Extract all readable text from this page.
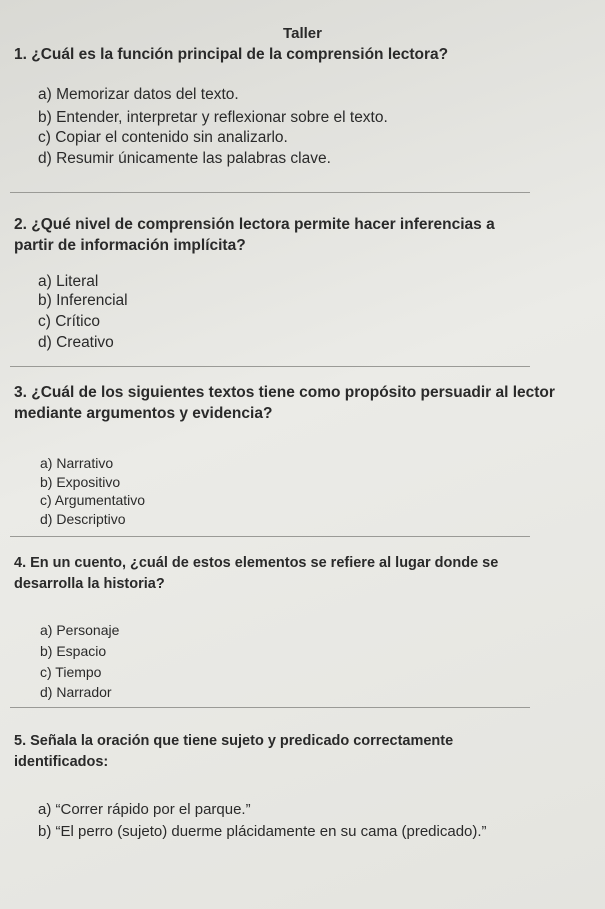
Taller
1. ¿Cuál es la función principal de la comprensión lectora?
a) Memorizar datos del texto.
b) Entender, interpretar y reflexionar sobre el texto.
c) Copiar el contenido sin analizarlo.
d) Resumir únicamente las palabras clave.
2. ¿Qué nivel de comprensión lectora permite hacer inferencias a partir de información implícita?
a) Literal
b) Inferencial
c) Crítico
d) Creativo
3. ¿Cuál de los siguientes textos tiene como propósito persuadir al lector mediante argumentos y evidencia?
a) Narrativo
b) Expositivo
c) Argumentativo
d) Descriptivo
4. En un cuento, ¿cuál de estos elementos se refiere al lugar donde se desarrolla la historia?
a) Personaje
b) Espacio
c) Tiempo
d) Narrador
5. Señala la oración que tiene sujeto y predicado correctamente identificados:
a) “Correr rápido por el parque.”
b) “El perro (sujeto) duerme plácidamente en su cama (predicado).”
